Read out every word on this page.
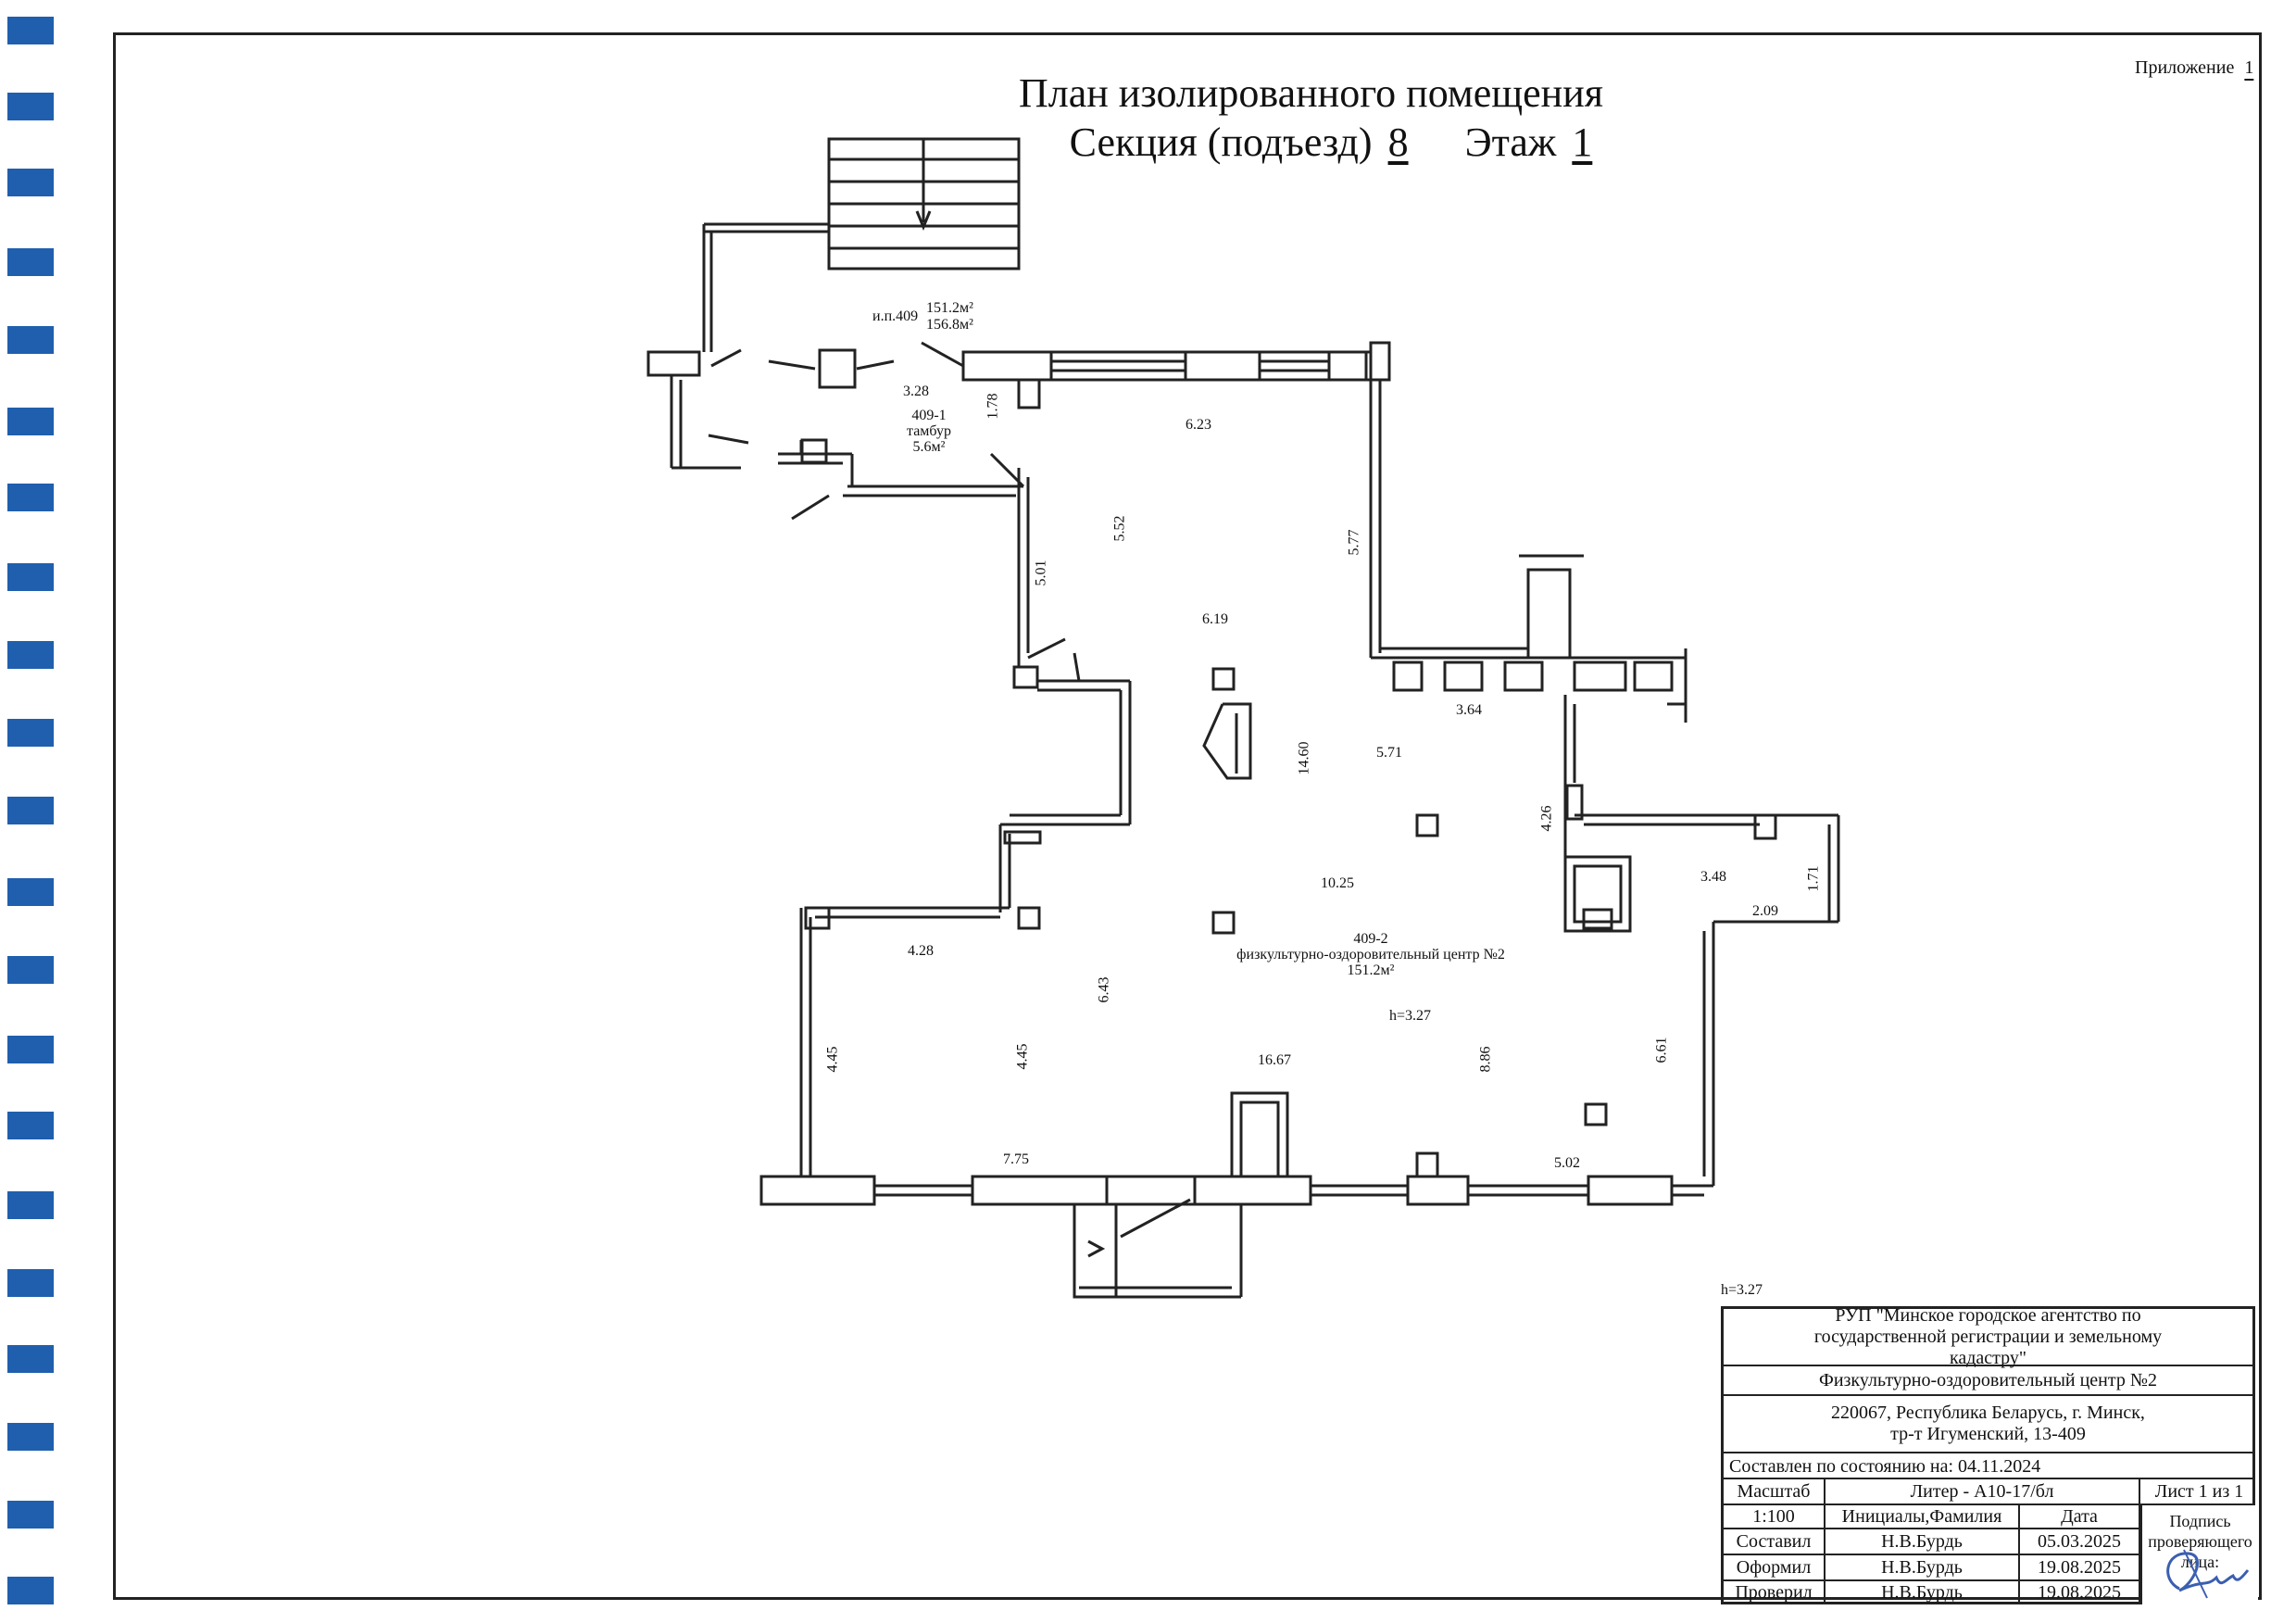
Приложение 1
План изолированного помещения
Секция (подъезд) 8 Этаж 1
и.п.409
151.2м²
156.8м²
409-1
тамбур
5.6м²
409-2
физкультурно-оздоровительный центр №2
151.2м²
h=3.27
3.28
1.78
6.23
5.52
5.01
5.77
6.19
3.64
14.60	5.71
4.26
3.48	1.71
2.09
10.25
4.28
6.43
4.45	4.45	16.67	8.86	6.61
7.75	5.02
h=3.27
РУП "Минское городское агентство по государственной регистрации и земельному кадастру"
Физкультурно-оздоровительный центр №2
220067, Республика Беларусь, г. Минск,
тр-т Игуменский, 13-409
Составлен по состоянию на: 04.11.2024
Масштаб	Литер - А10-17/бл	Лист 1 из 1
1:100	Инициалы,Фамилия	Дата
Составил	Н.В.Бурдь	05.03.2025
Оформил	Н.В.Бурдь	19.08.2025
Проверил	Н.В.Бурдь	19.08.2025
Подпись проверяющего лица:
